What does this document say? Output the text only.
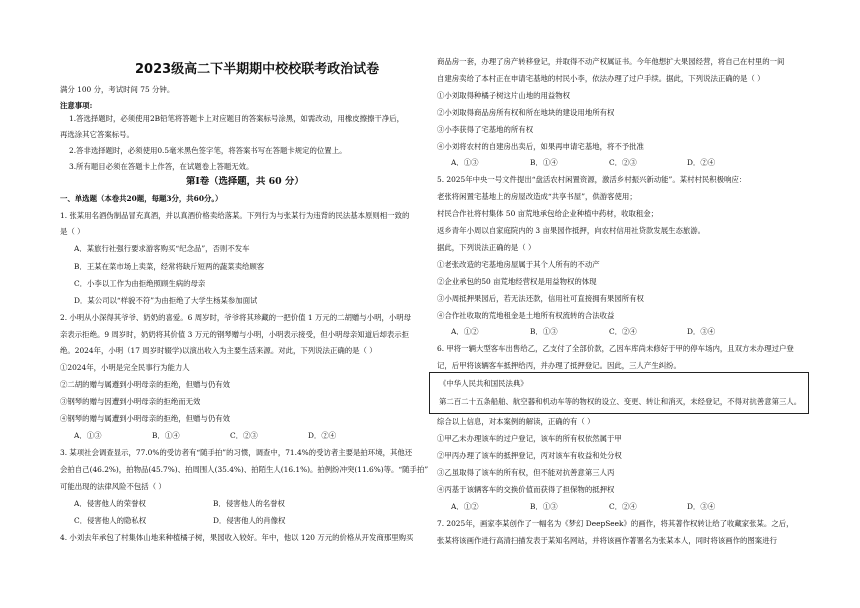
2023级高二下半期期中校校联考政治试卷
满分 100 分，考试时间 75 分钟。
注意事项:
1.答选择题时，必须使用2B铅笔将答题卡上对应题目的答案标号涂黑，如需改动，用橡皮擦擦干净后，
再选涂其它答案标号。
2.答非选择题时，必须使用0.5毫米黑色签字笔，将答案书写在答题卡规定的位置上。
3.所有题目必须在答题卡上作答，在试题卷上答题无效。
第Ⅰ卷（选择题，共 60 分）
一、单选题（本卷共20题，每题3分，共60分。）
1. 张某用名酒伪制品冒充真酒，并以真酒价格卖给落某。下列行为与张某行为违背的民法基本原则相一致的
是（ ）
A．某旅行社强行要求游客购买“纪念品”，否则不发车
B．王某在菜市场上卖菜，经常将缺斤短两的蔬菜卖给顾客
C．小李以工作为由拒绝照顾生病的母亲
D．某公司以“样貌不符”为由拒绝了大学生杨某参加面试
2. 小明从小深得其爷爷、奶奶的喜爱。6 周岁时，爷爷将其珍藏的一把价值 1 万元的二胡赠与小明，小明母
亲表示拒绝。9 周岁时，奶奶将其价值 3 万元的钢琴赠与小明，小明表示接受，但小明母亲知道后却表示拒
绝。2024年，小明（17 周岁时辍学)以演出收入为主要生活来源。对此，下列说法正确的是（ ）
①2024年，小明是完全民事行为能力人
②二胡的赠与属遵到小明母亲的拒绝，但赠与仍有效
③钢琴的赠与因遭到小明母亲的拒绝而无效
④钢琴的赠与属遭到小明母亲的拒绝，但赠与仍有效
A．①③	B．①④	C．②③	D．②④
3. 某项社会调查显示，77.0%的受访者有“随手拍”的习惯，调查中，71.4%的受访者主要是拍环境，其他还
会拍自己(46.2%)，拍物品(45.7%)、拍周围人(35.4%)、拍陌生人(16.1%)。拍例纷冲突(11.6%)等。“随手拍”
可能出现的法律风险不包括（ ）
A．侵害他人的荣誉权	B．侵害他人的名誉权
C．侵害他人的隐私权	D．侵害他人的肖像权
4. 小刘去年承包了村集体山地来种植橘子树，果园收入较好。年中，他以 120 万元的价格从开发商那里购买
商品房一套，办理了房产转移登记，并取得不动产权属证书。今年他想扩大果园经营，将自己在村里的一间
自建房卖给了本村正在申请宅基地的村民小李，依法办理了过户手续。据此，下列说法正确的是（ ）
①小刘取得种橘子树这片山地的用益物权
②小刘取得商品房所有权和所在地块的建设用地所有权
③小李获得了宅基地的所有权
④小刘将农村的自建房出卖后，如果再申请宅基地，将不予批准
A．①③	B．①④	C．②③	D．②④
5. 2025年中央一号文件提出“盘活农村闲置资源，激活乡村振兴新动能”。某村村民积极响应：
老张将闲置宅基地上的房屋改造成“共享书屋”，供游客使用；
村民合作社将村集体 50 亩荒地承包给企业种植中药材，收取租金；
返乡青年小周以自家庭院内的 3 亩果园作抵押，向农村信用社贷款发展生态旅游。
据此，下列说法正确的是（ ）
①老张改造的宅基地房屋属于其个人所有的不动产
②企业承包的50 亩荒地经营权是用益物权的体现
③小周抵押果园后，若无法还款，信用社可直接拥有果园所有权
④合作社收取的荒地租金是土地所有权流转的合法收益
A．①②	B．①③	C．②④	D．③④
6. 甲将一辆大型客车出售给乙，乙支付了全部价款，乙因车库尚未修好于甲的停车场内，且双方未办理过户登
记，后甲将该辆客车抵押给丙，并办理了抵押登记。因此，三人产生纠纷。
《中华人民共和国民法典》
第二百二十五条船舶、航空器和机动车等的物权的设立、变更、转让和消灭，未经登记，不得对抗善意第三人。
综合以上信息，对本案例的解读，正确的有（ ）
①甲乙未办理该车的过户登记，该车的所有权依然属于甲
②甲丙办理了该车的抵押登记，丙对该车有收益和处分权
③乙虽取得了该车的所有权，但不能对抗善意第三人丙
④丙基于该辆客车的交换价值而获得了担保物的抵押权
A．①②	B．①③	C．②④	D．③④
7. 2025年，画家李某创作了一幅名为《梦幻 DeepSeek》的画作，将其著作权转让给了收藏家张某。之后，
张某将该画作进行高清扫描发表于某知名网站，并将该画作著署名为张某本人，同时将该画作的图案进行
